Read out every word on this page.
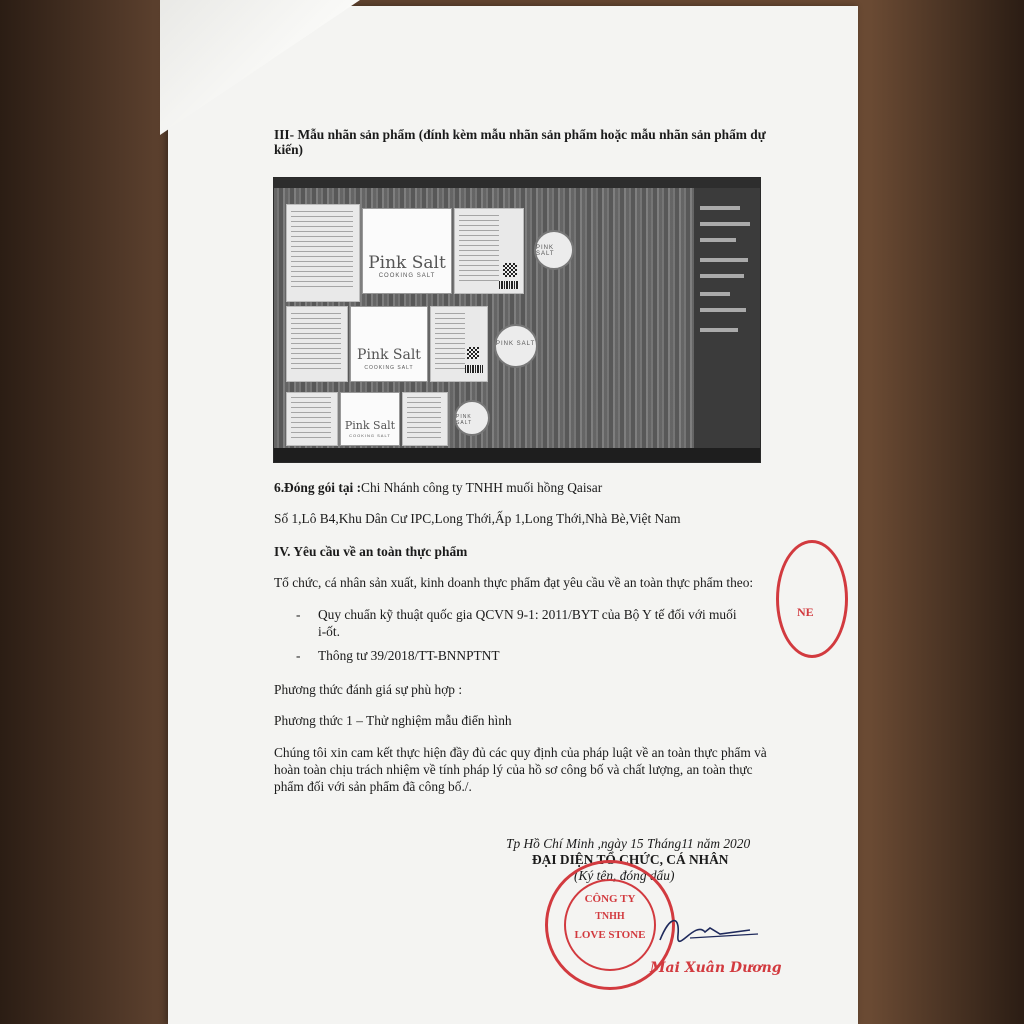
III- Mẫu nhãn sản phẩm (đính kèm mẫu nhãn sản phẩm hoặc mẫu nhãn sản phẩm dự
kiến)
Pink Salt
COOKING SALT
PINK SALT
Pink Salt
COOKING SALT
PINK SALT
Pink Salt
COOKING SALT
PINK SALT
6.Đóng gói tại :Chi Nhánh công ty TNHH muối hồng Qaisar
Số 1,Lô B4,Khu Dân Cư IPC,Long Thới,Ấp 1,Long Thới,Nhà Bè,Việt Nam
IV. Yêu cầu về an toàn thực phẩm
Tổ chức, cá nhân sản xuất, kinh doanh thực phẩm đạt yêu cầu về an toàn thực phẩm theo:
- Quy chuẩn kỹ thuật quốc gia QCVN 9-1: 2011/BYT của Bộ Y tế đối với muối
i-ốt.
- Thông tư 39/2018/TT-BNNPTNT
Phương thức đánh giá sự phù hợp :
Phương thức 1 – Thử nghiệm mẫu điển hình
Chúng tôi xin cam kết thực hiện đầy đủ các quy định của pháp luật về an toàn thực phẩm và
hoàn toàn chịu trách nhiệm về tính pháp lý của hồ sơ công bố và chất lượng, an toàn thực
phẩm đối với sản phẩm đã công bố./.
Tp Hồ Chí Minh ,ngày 15 Tháng11 năm 2020
ĐẠI DIỆN TỔ CHỨC, CÁ NHÂN
(Ký tên, đóng dấu)
CÔNG TY
TNHH
LOVE STONE
Mai Xuân Dương
NE
